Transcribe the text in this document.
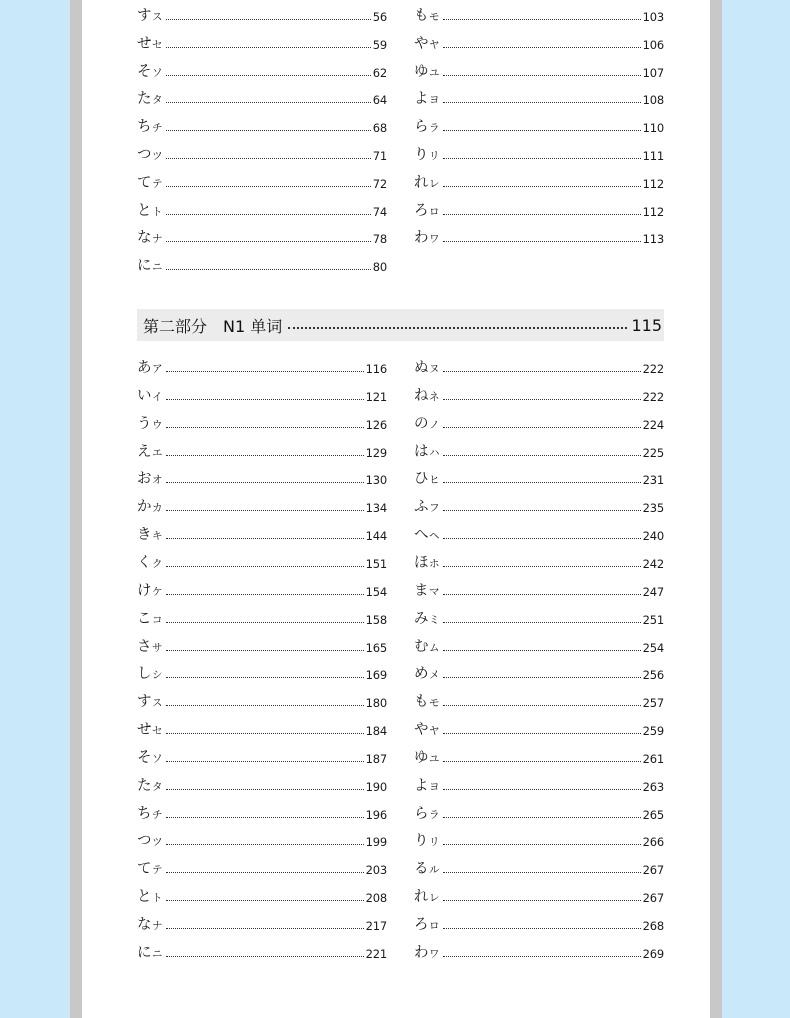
す ス	56
せ セ	59
そ ソ	62
た タ	64
ち チ	68
つ ツ	71
て テ	72
と ト	74
な ナ	78
に ニ	80
も モ	103
や ヤ	106
ゆ ユ	107
よ ヨ	108
ら ラ	110
り リ	111
れ レ	112
ろ ロ	112
わ ワ	113
第二部分　N1 单词	115
あ ア	116
い イ	121
う ウ	126
え エ	129
お オ	130
か カ	134
き キ	144
く ク	151
け ケ	154
こ コ	158
さ サ	165
し シ	169
す ス	180
せ セ	184
そ ソ	187
た タ	190
ち チ	196
つ ツ	199
て テ	203
と ト	208
な ナ	217
に ニ	221
ぬ ヌ	222
ね ネ	222
の ノ	224
は ハ	225
ひ ヒ	231
ふ フ	235
へ ヘ	240
ほ ホ	242
ま マ	247
み ミ	251
む ム	254
め メ	256
も モ	257
や ヤ	259
ゆ ユ	261
よ ヨ	263
ら ラ	265
り リ	266
る ル	267
れ レ	267
ろ ロ	268
わ ワ	269
